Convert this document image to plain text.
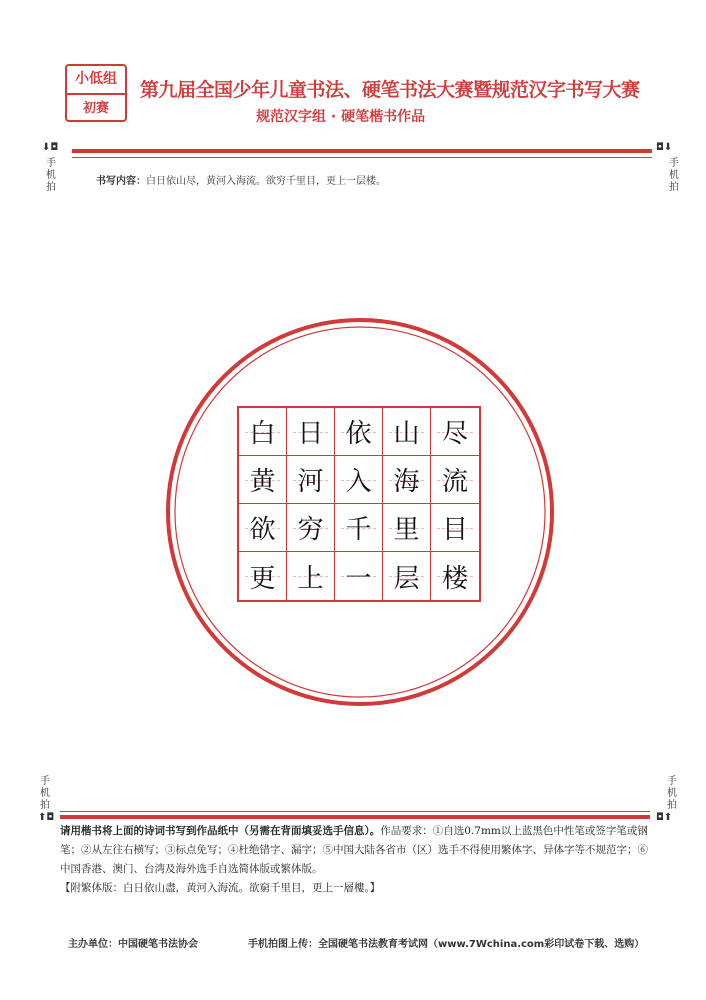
小低组
初赛
第九届全国少年儿童书法、硬笔书法大赛暨规范汉字书写大赛
规范汉字组 · 硬笔楷书作品
⬇◘	◘⬇
手机拍
手机拍
书写内容：白日依山尽，黄河入海流。欲穷千里目，更上一层楼。
白 日 依 山 尽
黄 河 入 海 流
欲 穷 千 里 目
更 上 一 层 楼
手机拍
手机拍
⬆◘	◘⬆
请用楷书将上面的诗词书写到作品纸中（另需在背面填妥选手信息）。作品要求：①自选0.7mm以上蓝黑色中性笔或签字笔或钢笔；②从左往右横写；③标点免写；④杜绝错字、漏字；⑤中国大陆各省市（区）选手不得使用繁体字、异体字等不规范字；⑥中国香港、澳门、台湾及海外选手自选简体版或繁体版。
【附繁体版：白日依山盡，黄河入海流。欲窮千里目，更上一層樓。】
主办单位：中国硬笔书法协会	手机拍图上传：全国硬笔书法教育考试网（www.7Wchina.com彩印试卷下载、选购）
